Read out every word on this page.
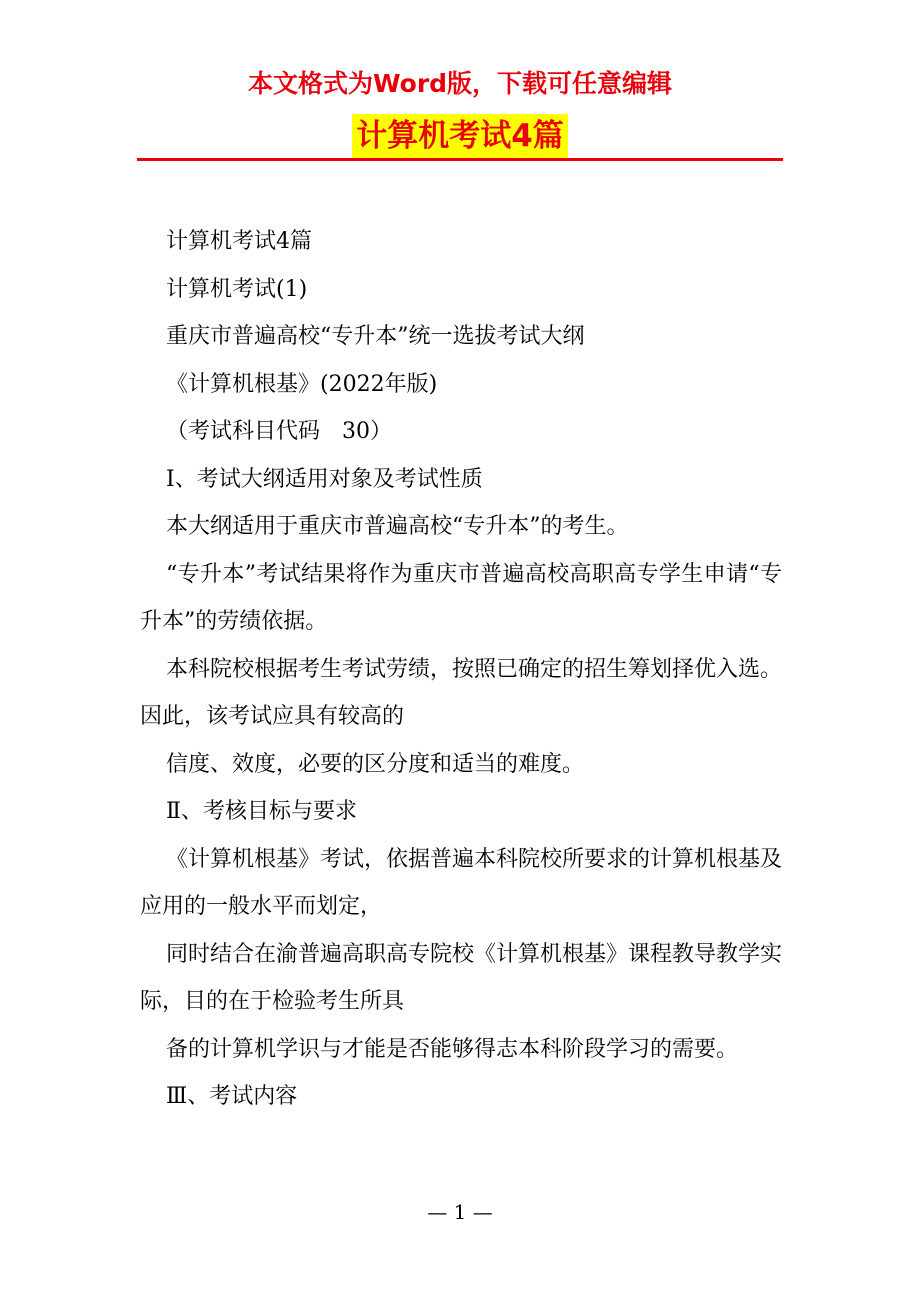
本文格式为Word版，下载可任意编辑
计算机考试4篇

计算机考试4篇

计算机考试(1)

重庆市普遍高校“专升本”统一选拔考试大纲

《计算机根基》(2022年版)

（考试科目代码　30）

Ⅰ、考试大纲适用对象及考试性质

本大纲适用于重庆市普遍高校“专升本”的考生。

“专升本”考试结果将作为重庆市普遍高校高职高专学生申请“专升本”的劳绩依据。

本科院校根据考生考试劳绩，按照已确定的招生筹划择优入选。因此，该考试应具有较高的

信度、效度，必要的区分度和适当的难度。

Ⅱ、考核目标与要求

《计算机根基》考试，依据普遍本科院校所要求的计算机根基及应用的一般水平而划定，

同时结合在渝普遍高职高专院校《计算机根基》课程教导教学实际，目的在于检验考生所具

备的计算机学识与才能是否能够得志本科阶段学习的需要。

Ⅲ、考试内容

— 1 —
